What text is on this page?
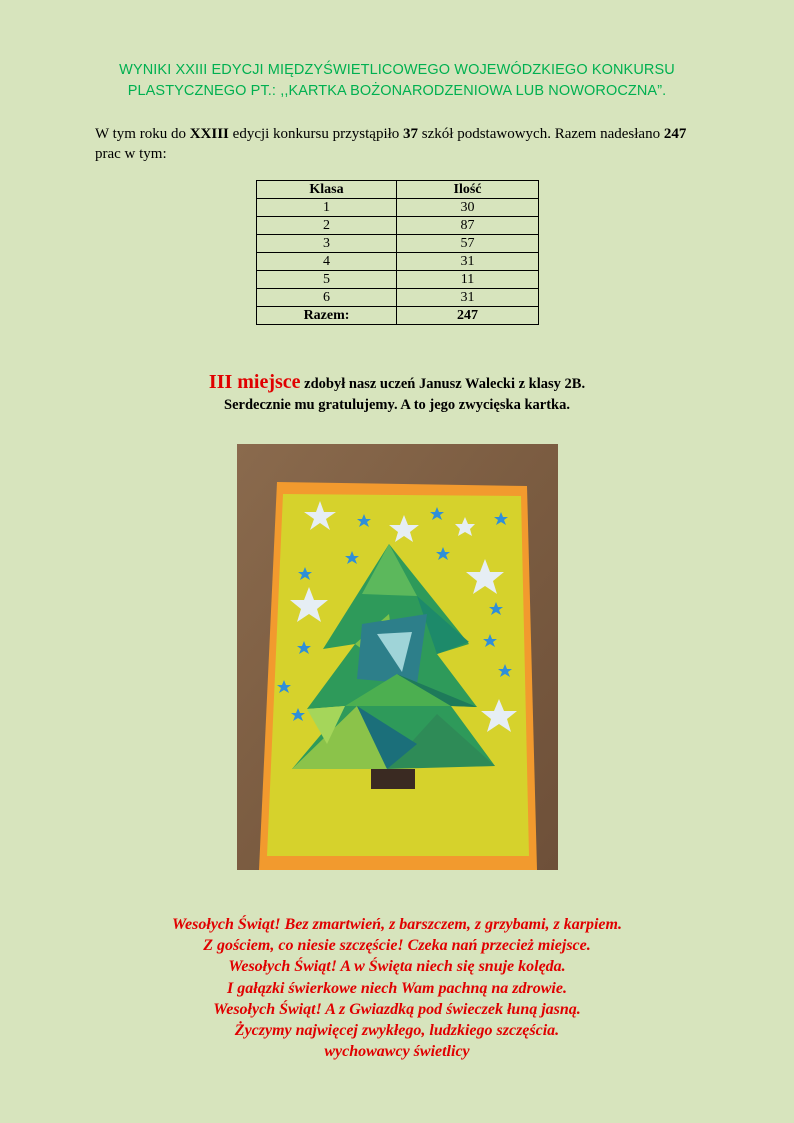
WYNIKI XXIII EDYCJI MIĘDZYŚWIETLICOWEGO WOJEWÓDZKIEGO KONKURSU
PLASTYCZNEGO PT.: ,,KARTKA BOŻONARODZENIOWA LUB NOWOROCZNA”.
W tym roku do XXIII edycji konkursu przystąpiło 37 szkół podstawowych. Razem nadesłano 247 prac w tym:
Klasa	Ilość
1	30
2	87
3	57
4	31
5	11
6	31
Razem:	247
III miejsce zdobył nasz uczeń Janusz Walecki z klasy 2B.
Serdecznie mu gratulujemy. A to jego zwycięska kartka.
Wesołych Świąt! Bez zmartwień, z barszczem, z grzybami, z karpiem.
Z gościem, co niesie szczęście! Czeka nań przecież miejsce.
Wesołych Świąt! A w Święta niech się snuje kolęda.
I gałązki świerkowe niech Wam pachną na zdrowie.
Wesołych Świąt! A z Gwiazdką pod świeczek łuną jasną.
Życzymy najwięcej zwykłego, ludzkiego szczęścia.
wychowawcy świetlicy
